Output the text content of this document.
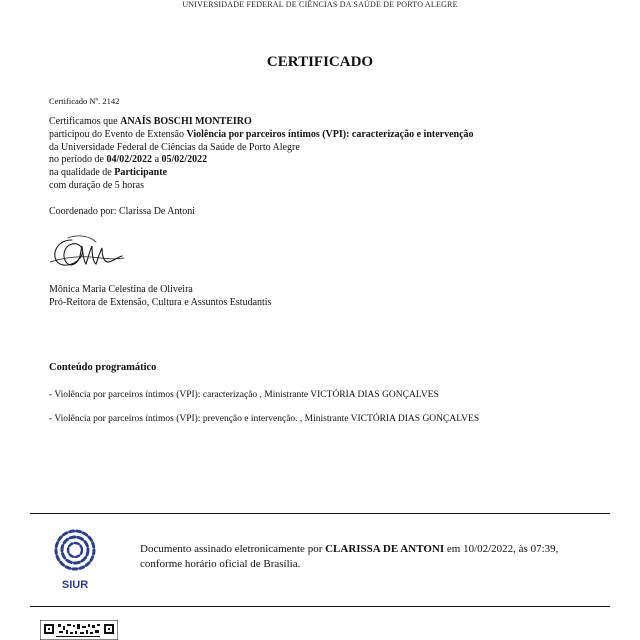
UNIVERSIDADE FEDERAL DE CIÊNCIAS DA SAÚDE DE PORTO ALEGRE
CERTIFICADO
Certificado Nº. 2142
Certificamos que ANAÍS BOSCHI MONTEIRO
participou do Evento de Extensão Violência por parceiros íntimos (VPI): caracterização e intervenção
da Universidade Federal de Ciências da Saúde de Porto Alegre
no período de 04/02/2022 a 05/02/2022
na qualidade de Participante
com duração de 5 horas
Coordenado por: Clarissa De Antoni
Mônica Maria Celestina de Oliveira
Pró-Reitora de Extensão, Cultura e Assuntos Estudantis
Conteúdo programático
- Violência por parceiros íntimos (VPI): caracterização , Ministrante VICTÓRIA DIAS GONÇALVES
- Violência por parceiros íntimos (VPI): prevenção e intervenção. , Ministrante VICTÓRIA DIAS GONÇALVES
SIUR
Documento assinado eletronicamente por CLARISSA DE ANTONI em 10/02/2022, às 07:39, conforme horário oficial de Brasília.
